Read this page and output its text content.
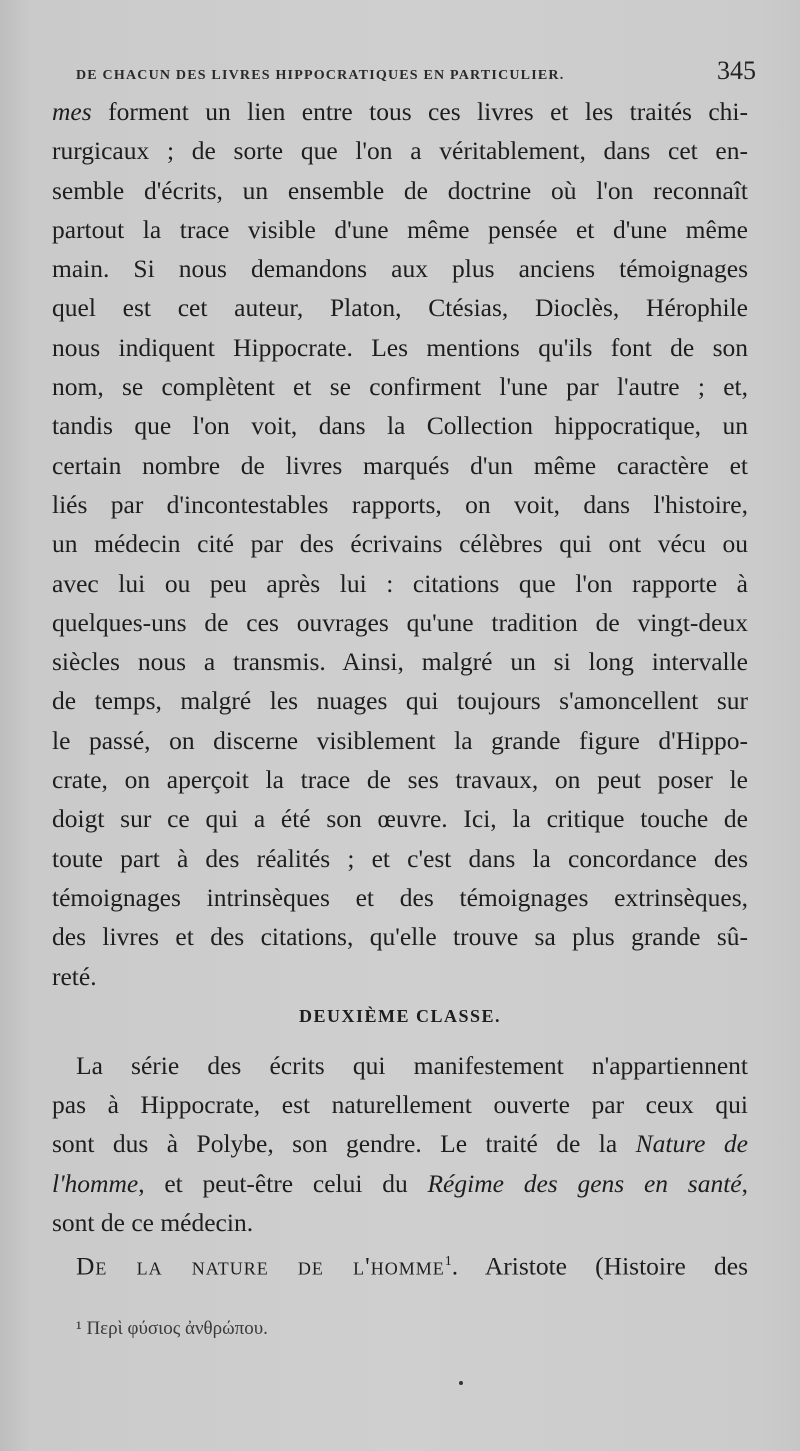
DE CHACUN DES LIVRES HIPPOCRATIQUES EN PARTICULIER.	345
mes forment un lien entre tous ces livres et les traités chi-
rurgicaux ; de sorte que l'on a véritablement, dans cet en-
semble d'écrits, un ensemble de doctrine où l'on reconnaît
partout la trace visible d'une même pensée et d'une même
main. Si nous demandons aux plus anciens témoignages
quel est cet auteur, Platon, Ctésias, Dioclès, Hérophile
nous indiquent Hippocrate. Les mentions qu'ils font de son
nom, se complètent et se confirment l'une par l'autre ; et,
tandis que l'on voit, dans la Collection hippocratique, un
certain nombre de livres marqués d'un même caractère et
liés par d'incontestables rapports, on voit, dans l'histoire,
un médecin cité par des écrivains célèbres qui ont vécu ou
avec lui ou peu après lui : citations que l'on rapporte à
quelques-uns de ces ouvrages qu'une tradition de vingt-deux
siècles nous a transmis. Ainsi, malgré un si long intervalle
de temps, malgré les nuages qui toujours s'amoncellent sur
le passé, on discerne visiblement la grande figure d'Hippo-
crate, on aperçoit la trace de ses travaux, on peut poser le
doigt sur ce qui a été son œuvre. Ici, la critique touche de
toute part à des réalités ; et c'est dans la concordance des
témoignages intrinsèques et des témoignages extrinsèques,
des livres et des citations, qu'elle trouve sa plus grande sû-
reté.
DEUXIÈME CLASSE.
La série des écrits qui manifestement n'appartiennent
pas à Hippocrate, est naturellement ouverte par ceux qui
sont dus à Polybe, son gendre. Le traité de la Nature de
l'homme, et peut-être celui du Régime des gens en santé,
sont de ce médecin.
De la nature de l'homme$^1$. Aristote (Histoire des
¹ Περὶ φύσιος ἀνθρώπου.
